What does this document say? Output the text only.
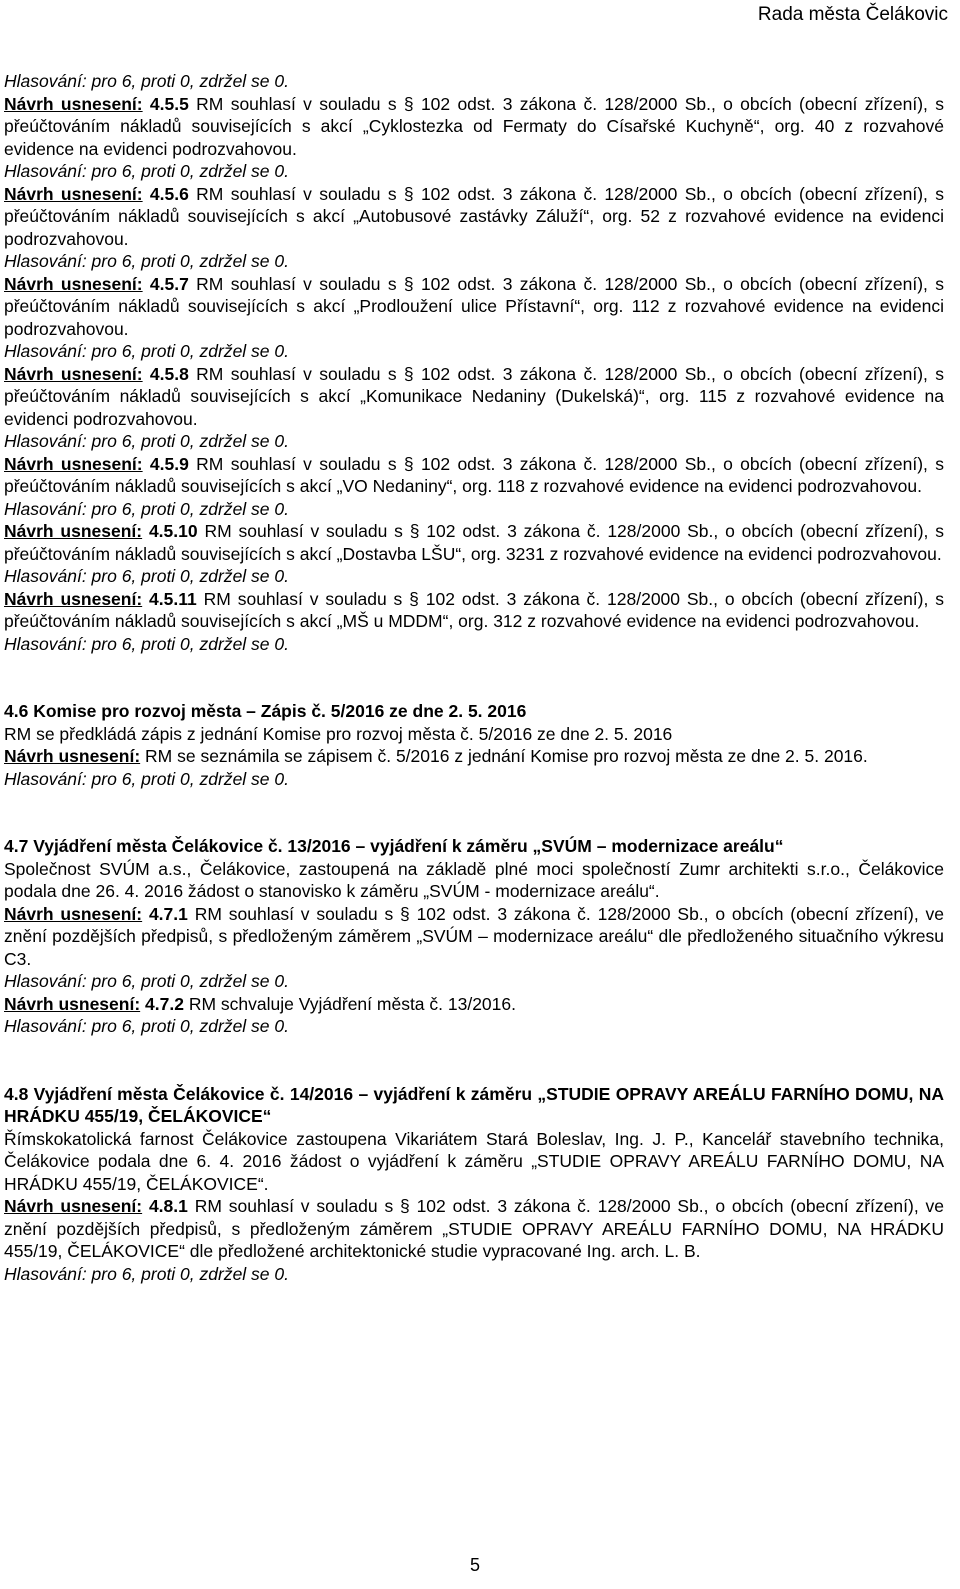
Rada města Čelákovic

Hlasování: pro 6, proti 0, zdržel se 0.

Návrh usnesení: 4.5.5 RM souhlasí v souladu s § 102 odst. 3 zákona č. 128/2000 Sb., o obcích (obecní zřízení), s přeúčtováním nákladů souvisejících s akcí „Cyklostezka od Fermaty do Císařské Kuchyně“, org. 40 z rozvahové evidence na evidenci podrozvahovou.

Hlasování: pro 6, proti 0, zdržel se 0.

Návrh usnesení: 4.5.6 RM souhlasí v souladu s § 102 odst. 3 zákona č. 128/2000 Sb., o obcích (obecní zřízení), s přeúčtováním nákladů souvisejících s akcí „Autobusové zastávky Záluží“, org. 52 z rozvahové evidence na evidenci podrozvahovou.

Hlasování: pro 6, proti 0, zdržel se 0.

Návrh usnesení: 4.5.7 RM souhlasí v souladu s § 102 odst. 3 zákona č. 128/2000 Sb., o obcích (obecní zřízení), s přeúčtováním nákladů souvisejících s akcí „Prodloužení ulice Přístavní“, org. 112 z rozvahové evidence na evidenci podrozvahovou.

Hlasování: pro 6, proti 0, zdržel se 0.

Návrh usnesení: 4.5.8 RM souhlasí v souladu s § 102 odst. 3 zákona č. 128/2000 Sb., o obcích (obecní zřízení), s přeúčtováním nákladů souvisejících s akcí „Komunikace Nedaniny (Dukelská)“, org. 115 z rozvahové evidence na evidenci podrozvahovou.

Hlasování: pro 6, proti 0, zdržel se 0.

Návrh usnesení: 4.5.9 RM souhlasí v souladu s § 102 odst. 3 zákona č. 128/2000 Sb., o obcích (obecní zřízení), s přeúčtováním nákladů souvisejících s akcí „VO Nedaniny“, org. 118 z rozvahové evidence na evidenci podrozvahovou.

Hlasování: pro 6, proti 0, zdržel se 0.

Návrh usnesení: 4.5.10 RM souhlasí v souladu s § 102 odst. 3 zákona č. 128/2000 Sb., o obcích (obecní zřízení), s přeúčtováním nákladů souvisejících s akcí „Dostavba LŠU“, org. 3231 z rozvahové evidence na evidenci podrozvahovou.

Hlasování: pro 6, proti 0, zdržel se 0.

Návrh usnesení: 4.5.11 RM souhlasí v souladu s § 102 odst. 3 zákona č. 128/2000 Sb., o obcích (obecní zřízení), s přeúčtováním nákladů souvisejících s akcí „MŠ u MDDM“, org. 312 z rozvahové evidence na evidenci podrozvahovou.

Hlasování: pro 6, proti 0, zdržel se 0.

4.6 Komise pro rozvoj města – Zápis č. 5/2016 ze dne 2. 5. 2016

RM se předkládá zápis z jednání Komise pro rozvoj města č. 5/2016 ze dne 2. 5. 2016

Návrh usnesení: RM se seznámila se zápisem č. 5/2016 z jednání Komise pro rozvoj města ze dne 2. 5. 2016.

Hlasování: pro 6, proti 0, zdržel se 0.

4.7 Vyjádření města Čelákovice č. 13/2016 – vyjádření k záměru „SVÚM – modernizace areálu“

Společnost SVÚM a.s., Čelákovice, zastoupená na základě plné moci společností Zumr architekti s.r.o., Čelákovice podala dne 26. 4. 2016 žádost o stanovisko k záměru „SVÚM - modernizace areálu“.

Návrh usnesení: 4.7.1 RM souhlasí v souladu s § 102 odst. 3 zákona č. 128/2000 Sb., o obcích (obecní zřízení), ve znění pozdějších předpisů, s předloženým záměrem „SVÚM – modernizace areálu“ dle předloženého situačního výkresu C3.

Hlasování: pro 6, proti 0, zdržel se 0.

Návrh usnesení: 4.7.2 RM schvaluje Vyjádření města č. 13/2016.

Hlasování: pro 6, proti 0, zdržel se 0.

4.8 Vyjádření města Čelákovice č. 14/2016 – vyjádření k záměru „STUDIE OPRAVY AREÁLU FARNÍHO DOMU, NA HRÁDKU 455/19, ČELÁKOVICE“

Římskokatolická farnost Čelákovice zastoupena Vikariátem Stará Boleslav, Ing. J. P., Kancelář stavebního technika, Čelákovice podala dne 6. 4. 2016 žádost o vyjádření k záměru „STUDIE OPRAVY AREÁLU FARNÍHO DOMU, NA HRÁDKU 455/19, ČELÁKOVICE“.

Návrh usnesení: 4.8.1 RM souhlasí v souladu s § 102 odst. 3 zákona č. 128/2000 Sb., o obcích (obecní zřízení), ve znění pozdějších předpisů, s předloženým záměrem „STUDIE OPRAVY AREÁLU FARNÍHO DOMU, NA HRÁDKU 455/19, ČELÁKOVICE“ dle předložené architektonické studie vypracované Ing. arch. L. B.

Hlasování: pro 6, proti 0, zdržel se 0.

5
